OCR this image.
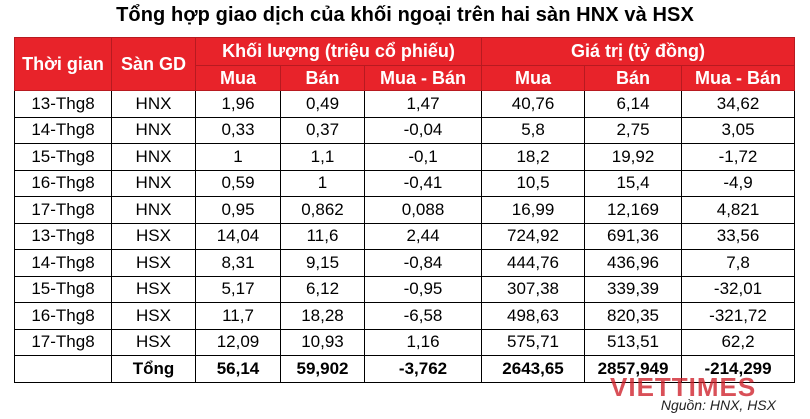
Tổng hợp giao dịch của khối ngoại trên hai sàn HNX và HSX
Thời gian	Sàn GD	Khối lượng (triệu cổ phiếu)			Giá trị (tỷ đồng)		
		Mua	Bán	Mua - Bán	Mua	Bán	Mua - Bán
13-Thg8	HNX	1,96	0,49	1,47	40,76	6,14	34,62
14-Thg8	HNX	0,33	0,37	-0,04	5,8	2,75	3,05
15-Thg8	HNX	1	1,1	-0,1	18,2	19,92	-1,72
16-Thg8	HNX	0,59	1	-0,41	10,5	15,4	-4,9
17-Thg8	HNX	0,95	0,862	0,088	16,99	12,169	4,821
13-Thg8	HSX	14,04	11,6	2,44	724,92	691,36	33,56
14-Thg8	HSX	8,31	9,15	-0,84	444,76	436,96	7,8
15-Thg8	HSX	5,17	6,12	-0,95	307,38	339,39	-32,01
16-Thg8	HSX	11,7	18,28	-6,58	498,63	820,35	-321,72
17-Thg8	HSX	12,09	10,93	1,16	575,71	513,51	62,2
	Tổng	56,14	59,902	-3,762	2643,65	2857,949	-214,299
VIETTIMES
Nguồn: HNX, HSX
